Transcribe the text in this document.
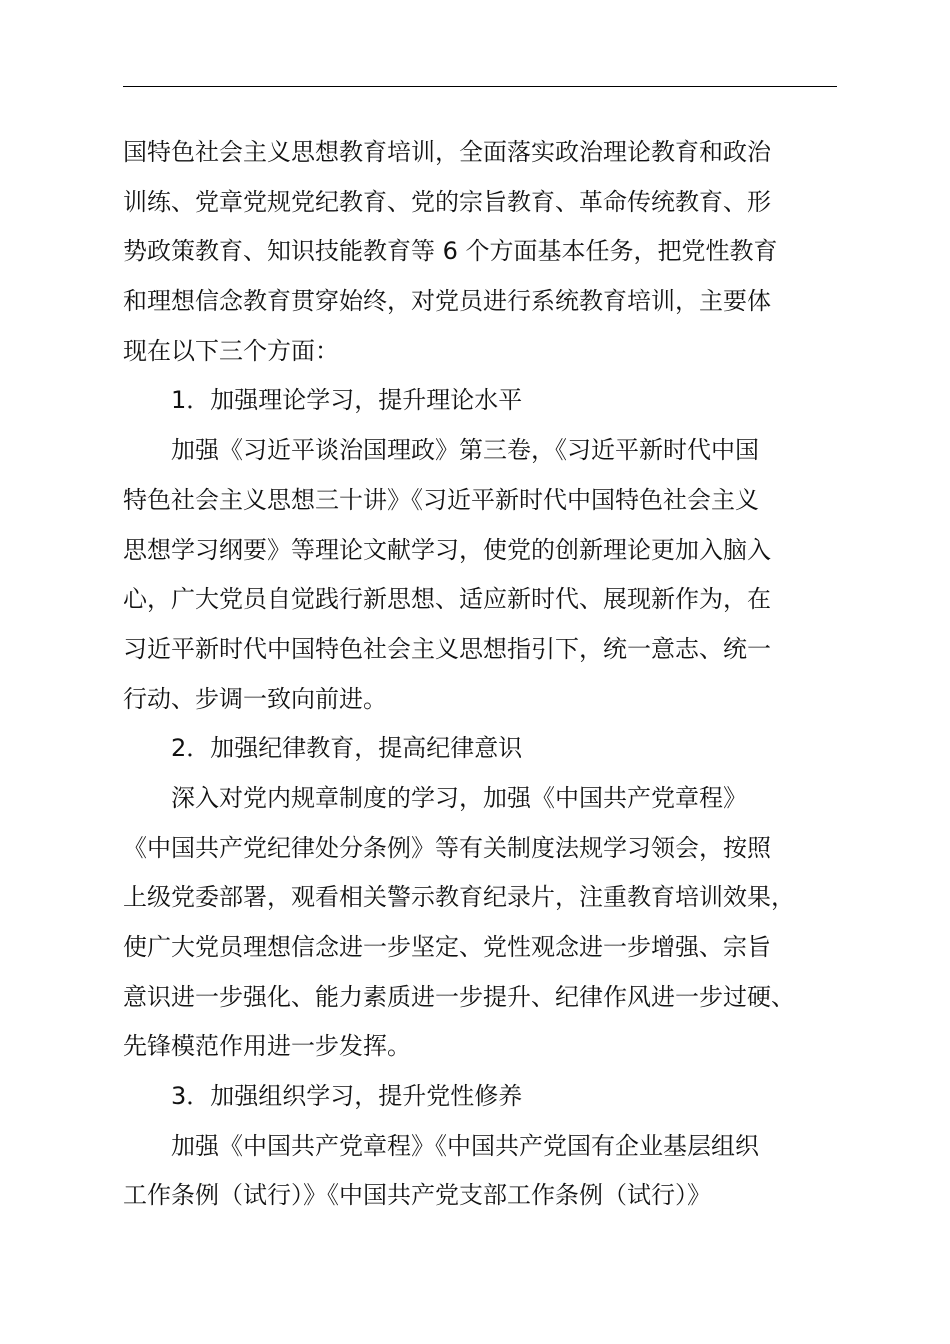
国特色社会主义思想教育培训，全面落实政治理论教育和政治
训练、党章党规党纪教育、党的宗旨教育、革命传统教育、形
势政策教育、知识技能教育等 6 个方面基本任务，把党性教育
和理想信念教育贯穿始终，对党员进行系统教育培训，主要体
现在以下三个方面：
1．加强理论学习，提升理论水平
加强《习近平谈治国理政》第三卷，《习近平新时代中国
特色社会主义思想三十讲》《习近平新时代中国特色社会主义
思想学习纲要》等理论文献学习，使党的创新理论更加入脑入
心，广大党员自觉践行新思想、适应新时代、展现新作为，在
习近平新时代中国特色社会主义思想指引下，统一意志、统一
行动、步调一致向前进。
2．加强纪律教育，提高纪律意识
深入对党内规章制度的学习，加强《中国共产党章程》
《中国共产党纪律处分条例》等有关制度法规学习领会，按照
上级党委部署，观看相关警示教育纪录片，注重教育培训效果，
使广大党员理想信念进一步坚定、党性观念进一步增强、宗旨
意识进一步强化、能力素质进一步提升、纪律作风进一步过硬、
先锋模范作用进一步发挥。
3．加强组织学习，提升党性修养
加强《中国共产党章程》《中国共产党国有企业基层组织
工作条例（试行）》《中国共产党支部工作条例（试行）》
